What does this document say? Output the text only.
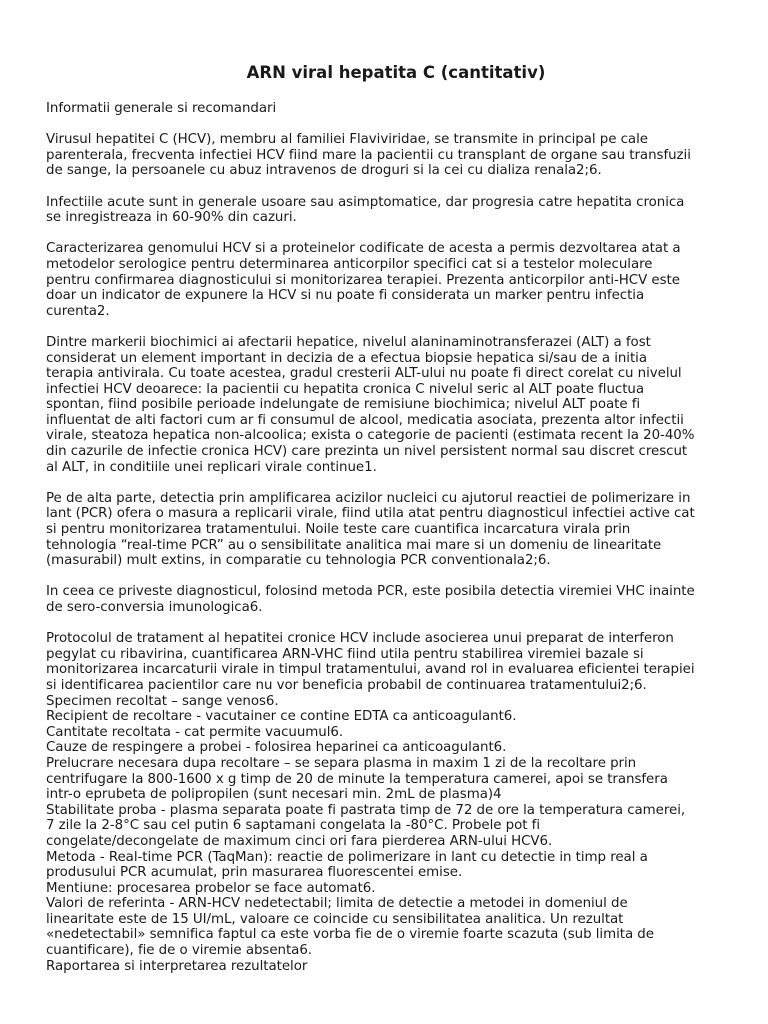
ARN viral hepatita C (cantitativ)
Informatii generale si recomandari
Virusul hepatitei C (HCV), membru al familiei Flaviviridae, se transmite in principal pe cale
parenterala, frecventa infectiei HCV fiind mare la pacientii cu transplant de organe sau transfuzii
de sange, la persoanele cu abuz intravenos de droguri si la cei cu dializa renala2;6.
Infectiile acute sunt in generale usoare sau asimptomatice, dar progresia catre hepatita cronica
se inregistreaza in 60-90% din cazuri.
Caracterizarea genomului HCV si a proteinelor codificate de acesta a permis dezvoltarea atat a
metodelor serologice pentru determinarea anticorpilor specifici cat si a testelor moleculare
pentru confirmarea diagnosticului si monitorizarea terapiei. Prezenta anticorpilor anti-HCV este
doar un indicator de expunere la HCV si nu poate fi considerata un marker pentru infectia
curenta2.
Dintre markerii biochimici ai afectarii hepatice, nivelul alaninaminotransferazei (ALT) a fost
considerat un element important in decizia de a efectua biopsie hepatica si/sau de a initia
terapia antivirala. Cu toate acestea, gradul cresterii ALT-ului nu poate fi direct corelat cu nivelul
infectiei HCV deoarece: la pacientii cu hepatita cronica C nivelul seric al ALT poate fluctua
spontan, fiind posibile perioade indelungate de remisiune biochimica; nivelul ALT poate fi
influentat de alti factori cum ar fi consumul de alcool, medicatia asociata, prezenta altor infectii
virale, steatoza hepatica non-alcoolica; exista o categorie de pacienti (estimata recent la 20-40%
din cazurile de infectie cronica HCV) care prezinta un nivel persistent normal sau discret crescut
al ALT, in conditiile unei replicari virale continue1.
Pe de alta parte, detectia prin amplificarea acizilor nucleici cu ajutorul reactiei de polimerizare in
lant (PCR) ofera o masura a replicarii virale, fiind utila atat pentru diagnosticul infectiei active cat
si pentru monitorizarea tratamentului. Noile teste care cuantifica incarcatura virala prin
tehnologia “real-time PCR” au o sensibilitate analitica mai mare si un domeniu de linearitate
(masurabil) mult extins, in comparatie cu tehnologia PCR conventionala2;6.
In ceea ce priveste diagnosticul, folosind metoda PCR, este posibila detectia viremiei VHC inainte
de sero-conversia imunologica6.
Protocolul de tratament al hepatitei cronice HCV include asocierea unui preparat de interferon
pegylat cu ribavirina, cuantificarea ARN-VHC fiind utila pentru stabilirea viremiei bazale si
monitorizarea incarcaturii virale in timpul tratamentului, avand rol in evaluarea eficientei terapiei
si identificarea pacientilor care nu vor beneficia probabil de continuarea tratamentului2;6.
Specimen recoltat – sange venos6.
Recipient de recoltare - vacutainer ce contine EDTA ca anticoagulant6.
Cantitate recoltata - cat permite vacuumul6.
Cauze de respingere a probei - folosirea heparinei ca anticoagulant6.
Prelucrare necesara dupa recoltare – se separa plasma in maxim 1 zi de la recoltare prin
centrifugare la 800-1600 x g timp de 20 de minute la temperatura camerei, apoi se transfera
intr-o eprubeta de polipropilen (sunt necesari min. 2mL de plasma)4
Stabilitate proba - plasma separata poate fi pastrata timp de 72 de ore la temperatura camerei,
7 zile la 2-8°C sau cel putin 6 saptamani congelata la -80°C. Probele pot fi
congelate/decongelate de maximum cinci ori fara pierderea ARN-ului HCV6.
Metoda - Real-time PCR (TaqMan): reactie de polimerizare in lant cu detectie in timp real a
produsului PCR acumulat, prin masurarea fluorescentei emise.
Mentiune: procesarea probelor se face automat6.
Valori de referinta - ARN-HCV nedetectabil; limita de detectie a metodei in domeniul de
linearitate este de 15 UI/mL, valoare ce coincide cu sensibilitatea analitica. Un rezultat
«nedetectabil» semnifica faptul ca este vorba fie de o viremie foarte scazuta (sub limita de
cuantificare), fie de o viremie absenta6.
Raportarea si interpretarea rezultatelor
